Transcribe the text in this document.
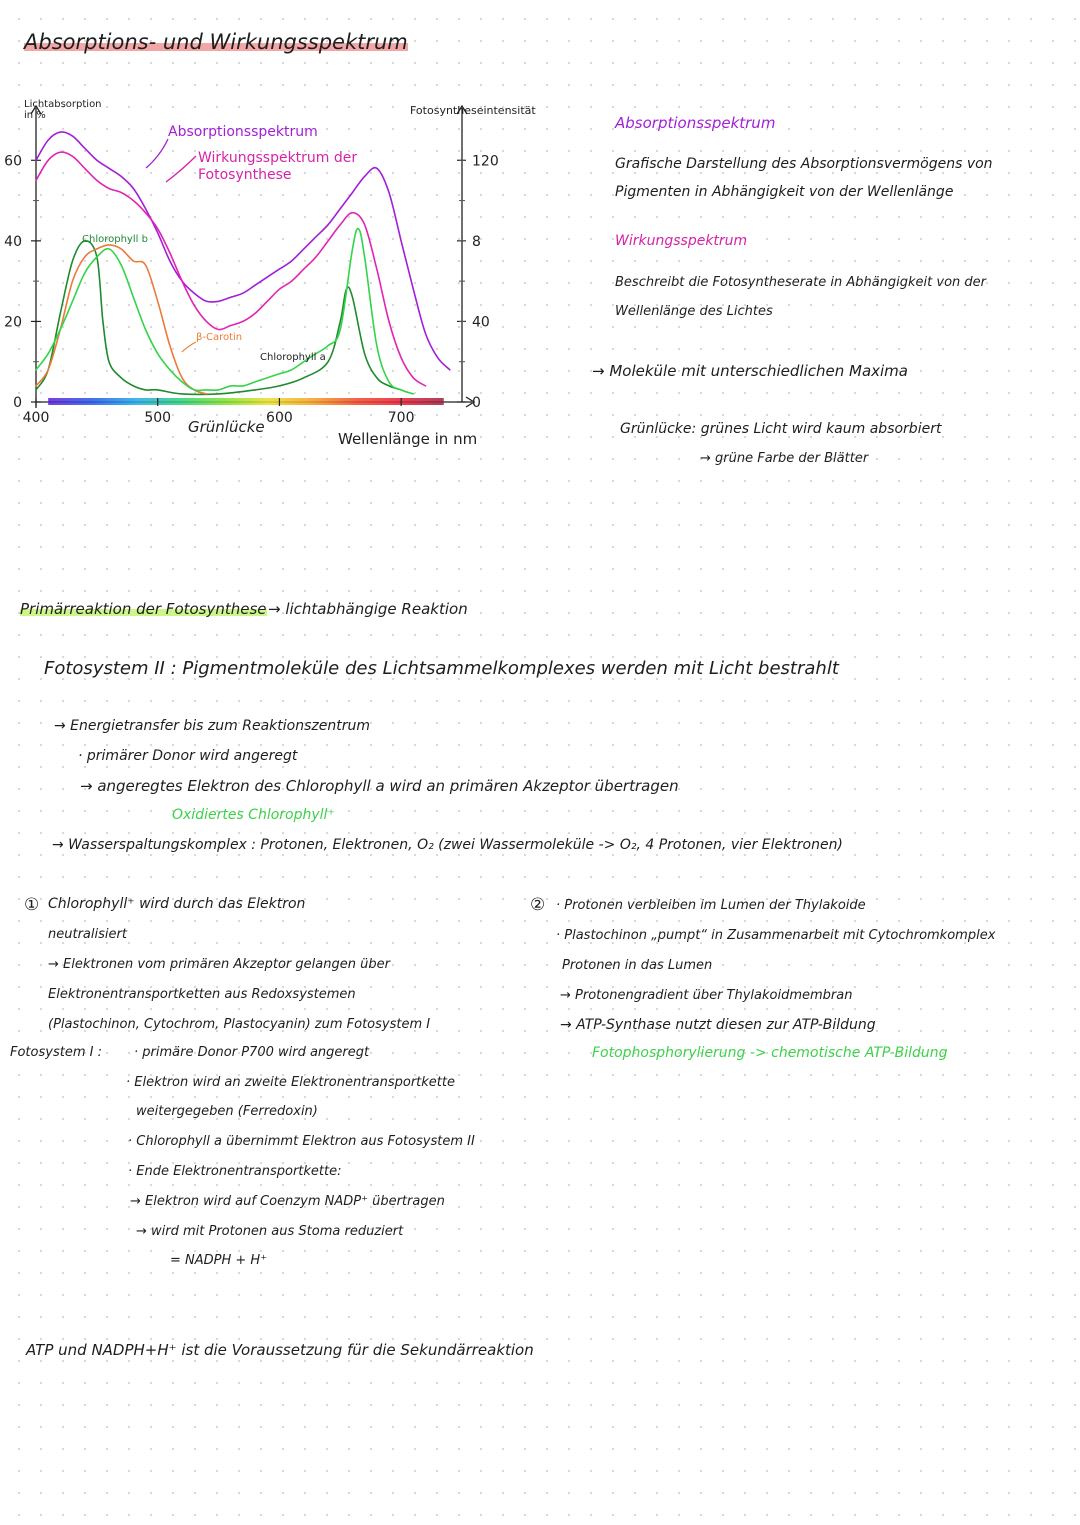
Absorptions- und Wirkungsspektrum
0
20
40
60
Lichtabsorption
in %
120
8
40
0
Fotosyntheseintensität
400	500	600	700
Wellenlänge in nm
Absorptionsspektrum
Wirkungsspektrum der
Fotosynthese
Chlorophyll b
β-Carotin
Chlorophyll a
Grünlücke
Absorptionsspektrum
Grafische Darstellung des Absorptionsvermögens von
Pigmenten in Abhängigkeit von der Wellenlänge
Wirkungsspektrum
Beschreibt die Fotosyntheserate in Abhängigkeit von der
Wellenlänge des Lichtes
→ Moleküle mit unterschiedlichen Maxima
Grünlücke: grünes Licht wird kaum absorbiert
→ grüne Farbe der Blätter
Primärreaktion der Fotosynthese → lichtabhängige Reaktion
Fotosystem II : Pigmentmoleküle des Lichtsammelkomplexes werden mit Licht bestrahlt
→ Energietransfer bis zum Reaktionszentrum
· primärer Donor wird angeregt
→ angeregtes Elektron des Chlorophyll a wird an primären Akzeptor übertragen
Oxidiertes Chlorophyll⁺
→ Wasserspaltungskomplex : Protonen, Elektronen, O₂ (zwei Wassermoleküle -> O₂, 4 Protonen, vier Elektronen)
① Chlorophyll⁺ wird durch das Elektron
neutralisiert
→ Elektronen vom primären Akzeptor gelangen über
Elektronentransportketten aus Redoxsystemen
(Plastochinon, Cytochrom, Plastocyanin) zum Fotosystem I
Fotosystem I : · primäre Donor P700 wird angeregt
· Elektron wird an zweite Elektronentransportkette
weitergegeben (Ferredoxin)
· Chlorophyll a übernimmt Elektron aus Fotosystem II
· Ende Elektronentransportkette:
→ Elektron wird auf Coenzym NADP⁺ übertragen
→ wird mit Protonen aus Stoma reduziert
= NADPH + H⁺
② · Protonen verbleiben im Lumen der Thylakoide
· Plastochinon „pumpt“ in Zusammenarbeit mit Cytochromkomplex
Protonen in das Lumen
→ Protonengradient über Thylakoidmembran
→ ATP-Synthase nutzt diesen zur ATP-Bildung
Fotophosphorylierung -> chemotische ATP-Bildung
ATP und NADPH+H⁺ ist die Voraussetzung für die Sekundärreaktion
